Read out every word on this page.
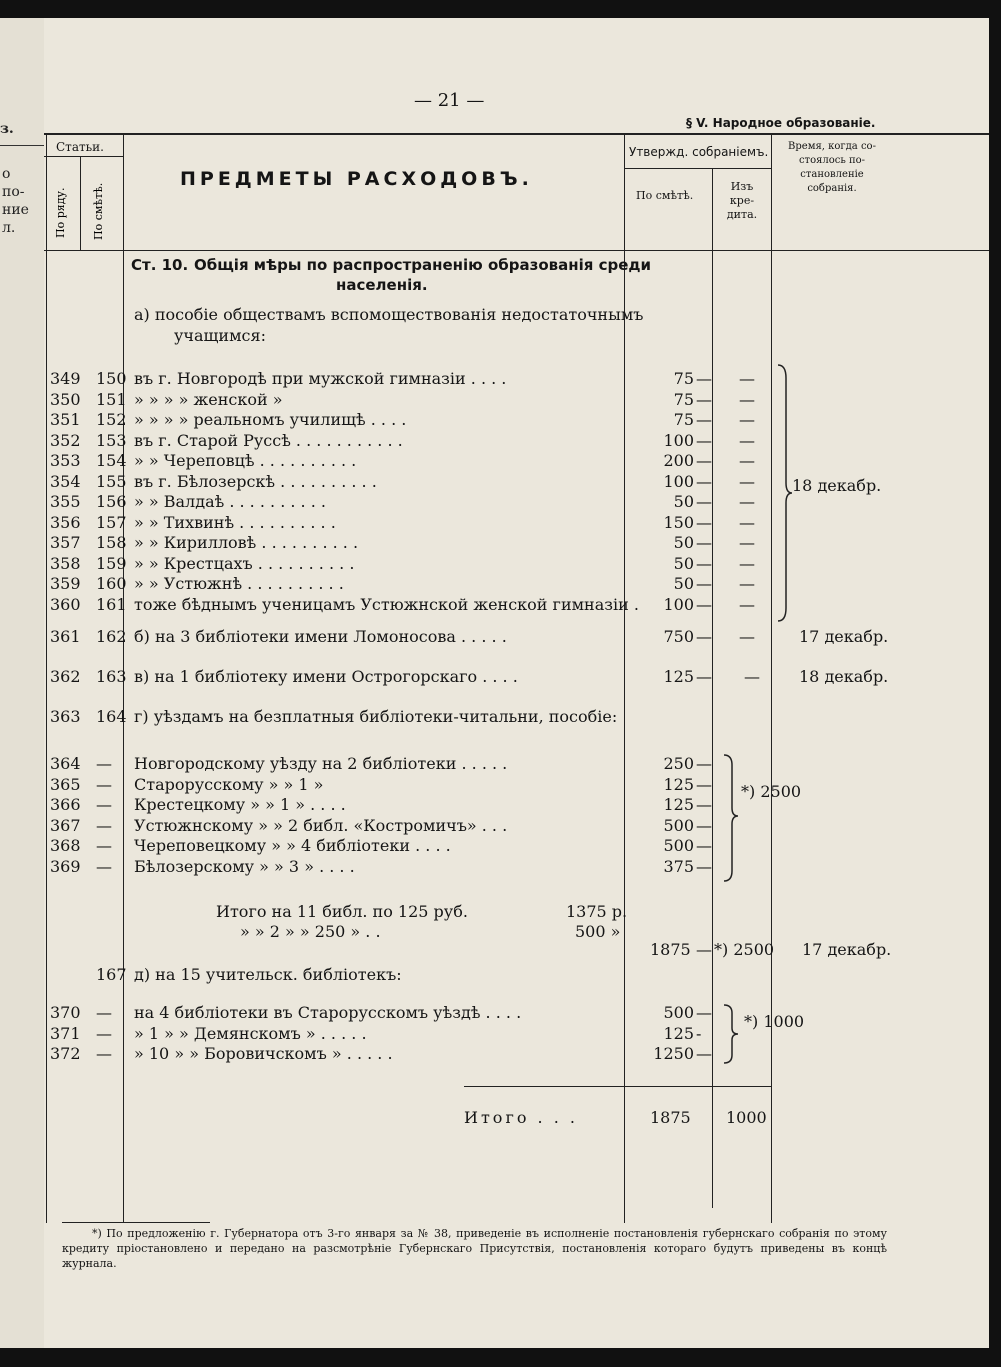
з.
о
по-
ние
л.
— 21 —
§ V. Народное образованіе.
Статьи.
По ряду. По смѣтѣ.
ПРЕДМЕТЫ РАСХОДОВЪ.
Утвержд. собраніемъ.
По смѣтѣ.
Изъ кре-дита.
Время, когда со-стоялось по-становленіе собранія.
Ст. 10. Общія мѣры по распространенію образованія среди
населенія.
а) пособіе обществамъ вспомоществованія недостаточнымъ
учащимся:
349 150 въ г. Новгородѣ при мужской гимназіи . . . .	75 — —
350 151 » » » » женской »	75 — —
351 152 » » » » реальномъ училищѣ . . . .	75 — —
352 153 въ г. Старой Руссѣ . . . . . . . . . . .	100 — —
353 154 » » Череповцѣ . . . . . . . . . .	200 — —
354 155 въ г. Бѣлозерскѣ . . . . . . . . . .	100 — —
355 156 » » Валдаѣ . . . . . . . . . .	50 — —
356 157 » » Тихвинѣ . . . . . . . . . .	150 — —
357 158 » » Кирилловѣ . . . . . . . . . .	50 — —
358 159 » » Крестцахъ . . . . . . . . . .	50 — —
359 160 » » Устюжнѣ . . . . . . . . . .	50 — —
360 161 тоже бѣднымъ ученицамъ Устюжнской женской гимназіи .	100 — —
18 декабр.
361 162 б) на 3 библіотеки имени Ломоносова . . . . .	750 — —	17 декабр.
362 163 в) на 1 библіотеку имени Острогорскаго . . . .	125 — — 18 декабр.
363 164 г) уѣздамъ на безплатныя библіотеки-читальни, пособіе:
364 — Новгородскому уѣзду на 2 библіотеки . . . . .	250 —
365 — Старорусскому » » 1 »	125 —
366 — Крестецкому » » 1 » . . . .	125 —
367 — Устюжнскому » » 2 библ. «Костромичъ» . . .	500 —
368 — Череповецкому » » 4 библіотеки . . . .	500 —
369 — Бѣлозерскому » » 3 » . . . .	375 —
*) 2500
Итого на 11 библ. по 125 руб.	1375 р.
» » 2 » » 250 » . .	500 »
1875 — *) 2500 17 декабр.
167 д) на 15 учительск. библіотекъ:
370 — на 4 библіотеки въ Старорусскомъ уѣздѣ . . . .	500 —
371 — » 1 » » Демянскомъ » . . . . .	125 -
372 — » 10 » » Боровичскомъ » . . . . .	1250 —
*) 1000
Итого . . .	1875 1000
*) По предложенію г. Губернатора отъ 3-го января за № 38, приведеніе въ исполненіе постановленія губернскаго собранія по этому кредиту пріостановлено и передано на разсмотрѣніе Губернскаго Присутствія, постановленія котораго будутъ приведены въ концѣ журнала.
